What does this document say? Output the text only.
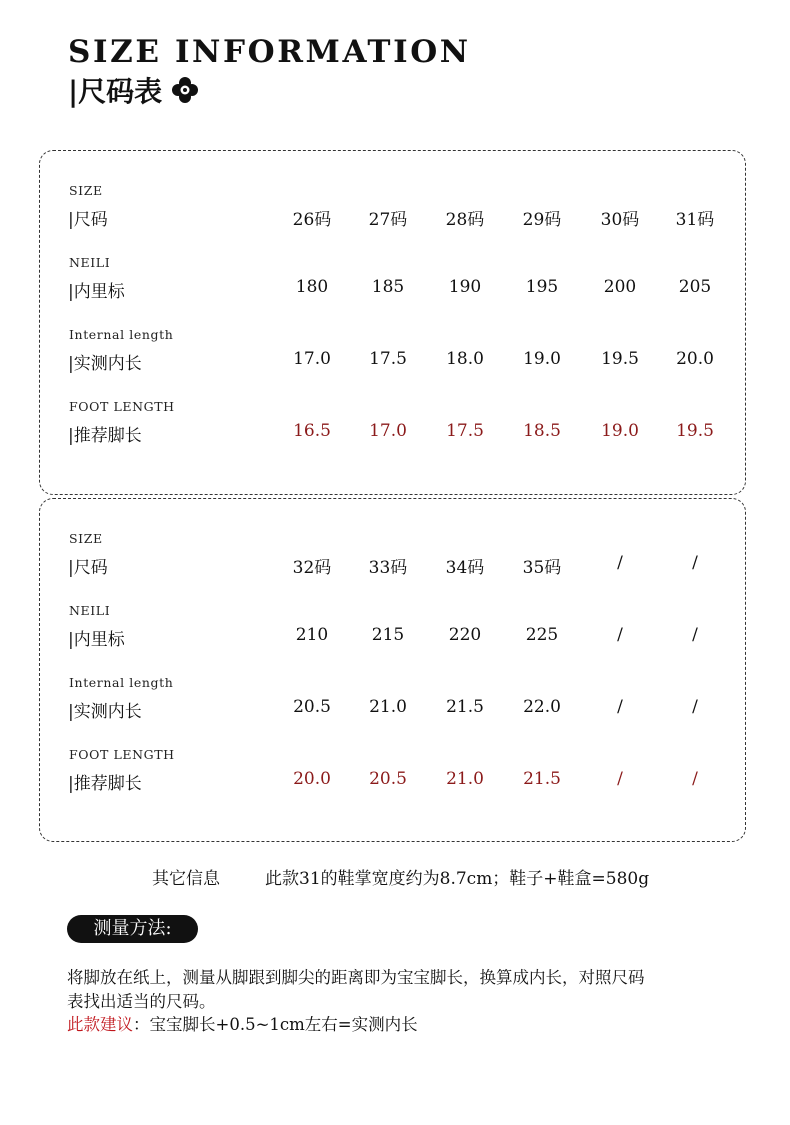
SIZE INFORMATION
|尺码表
SIZE
|尺码	26码	27码	28码	29码	30码	31码
NEILI
|内里标	180	185	190	195	200	205
Internal length
|实测内长	17.0	17.5	18.0	19.0	19.5	20.0
FOOT LENGTH
|推荐脚长	16.5	17.0	17.5	18.5	19.0	19.5
SIZE
|尺码	32码	33码	34码	35码	/	/
NEILI
|内里标	210	215	220	225	/	/
Internal length
|实测内长	20.5	21.0	21.5	22.0	/	/
FOOT LENGTH
|推荐脚长	20.0	20.5	21.0	21.5	/	/
其它信息	此款31的鞋掌宽度约为8.7cm；鞋子+鞋盒=580g
测量方法:
将脚放在纸上，测量从脚跟到脚尖的距离即为宝宝脚长，换算成内长，对照尺码
表找出适当的尺码。
此款建议：宝宝脚长+0.5~1cm左右=实测内长
